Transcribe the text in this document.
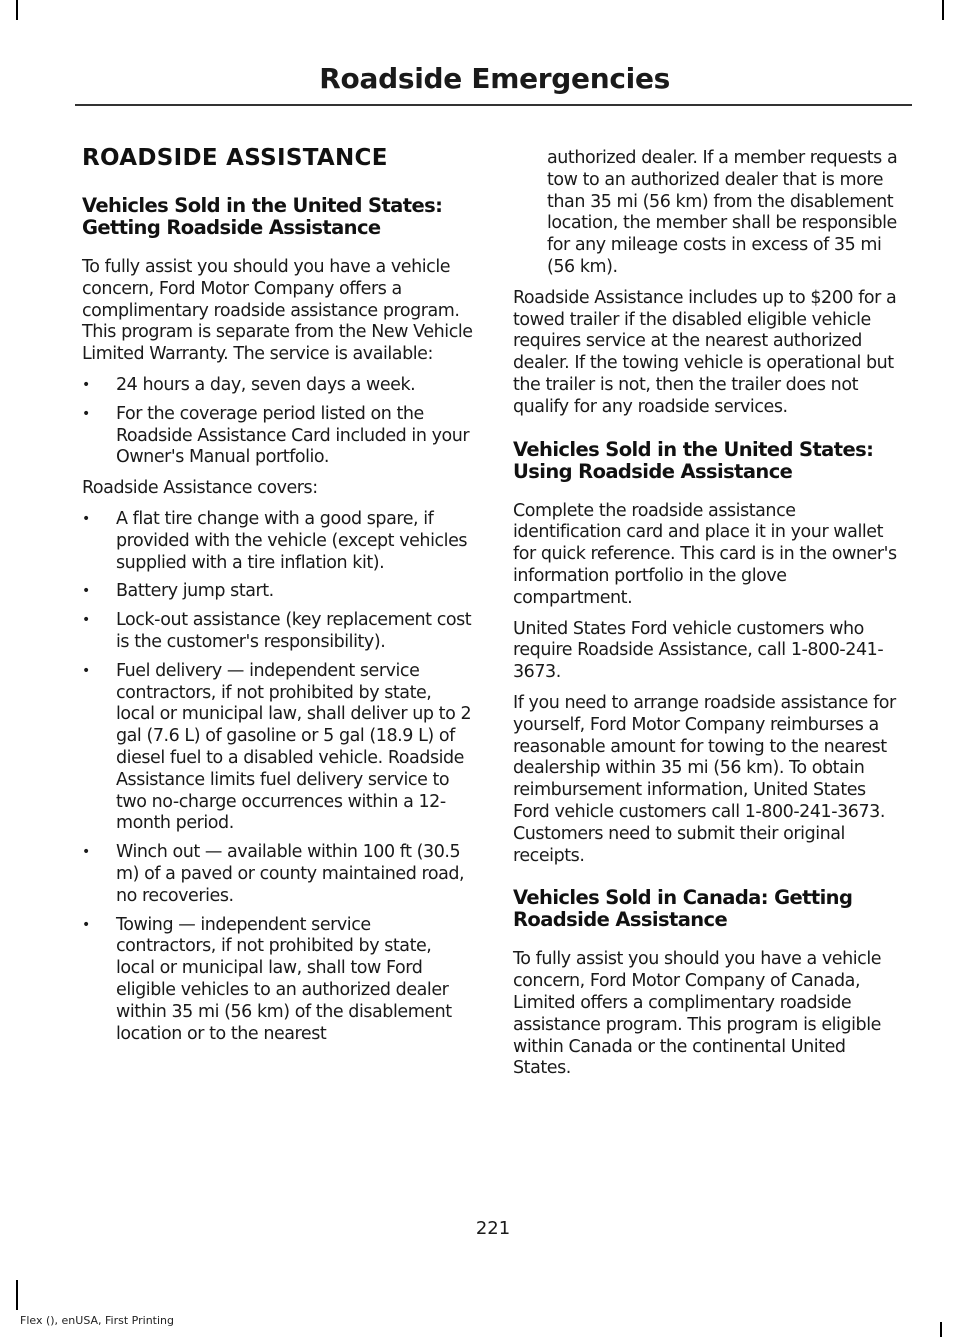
Roadside Emergencies
ROADSIDE ASSISTANCE
Vehicles Sold in the United States: Getting Roadside Assistance

To fully assist you should you have a vehicle concern, Ford Motor Company offers a complimentary roadside assistance program. This program is separate from the New Vehicle Limited Warranty. The service is available:

• 24 hours a day, seven days a week.
• For the coverage period listed on the Roadside Assistance Card included in your Owner's Manual portfolio.

Roadside Assistance covers:

• A flat tire change with a good spare, if provided with the vehicle (except vehicles supplied with a tire inflation kit).
• Battery jump start.
• Lock-out assistance (key replacement cost is the customer's responsibility).
• Fuel delivery — independent service contractors, if not prohibited by state, local or municipal law, shall deliver up to 2 gal (7.6 L) of gasoline or 5 gal (18.9 L) of diesel fuel to a disabled vehicle. Roadside Assistance limits fuel delivery service to two no-charge occurrences within a 12-month period.
• Winch out — available within 100 ft (30.5 m) of a paved or county maintained road, no recoveries.
• Towing — independent service contractors, if not prohibited by state, local or municipal law, shall tow Ford eligible vehicles to an authorized dealer within 35 mi (56 km) of the disablement location or to the nearest

authorized dealer. If a member requests a tow to an authorized dealer that is more than 35 mi (56 km) from the disablement location, the member shall be responsible for any mileage costs in excess of 35 mi (56 km).

Roadside Assistance includes up to $200 for a towed trailer if the disabled eligible vehicle requires service at the nearest authorized dealer. If the towing vehicle is operational but the trailer is not, then the trailer does not qualify for any roadside services.

Vehicles Sold in the United States: Using Roadside Assistance

Complete the roadside assistance identification card and place it in your wallet for quick reference. This card is in the owner's information portfolio in the glove compartment.

United States Ford vehicle customers who require Roadside Assistance, call 1-800-241-3673.

If you need to arrange roadside assistance for yourself, Ford Motor Company reimburses a reasonable amount for towing to the nearest dealership within 35 mi (56 km). To obtain reimbursement information, United States Ford vehicle customers call 1-800-241-3673. Customers need to submit their original receipts.

Vehicles Sold in Canada: Getting Roadside Assistance

To fully assist you should you have a vehicle concern, Ford Motor Company of Canada, Limited offers a complimentary roadside assistance program. This program is eligible within Canada or the continental United States.

221
Flex (), enUSA, First Printing
